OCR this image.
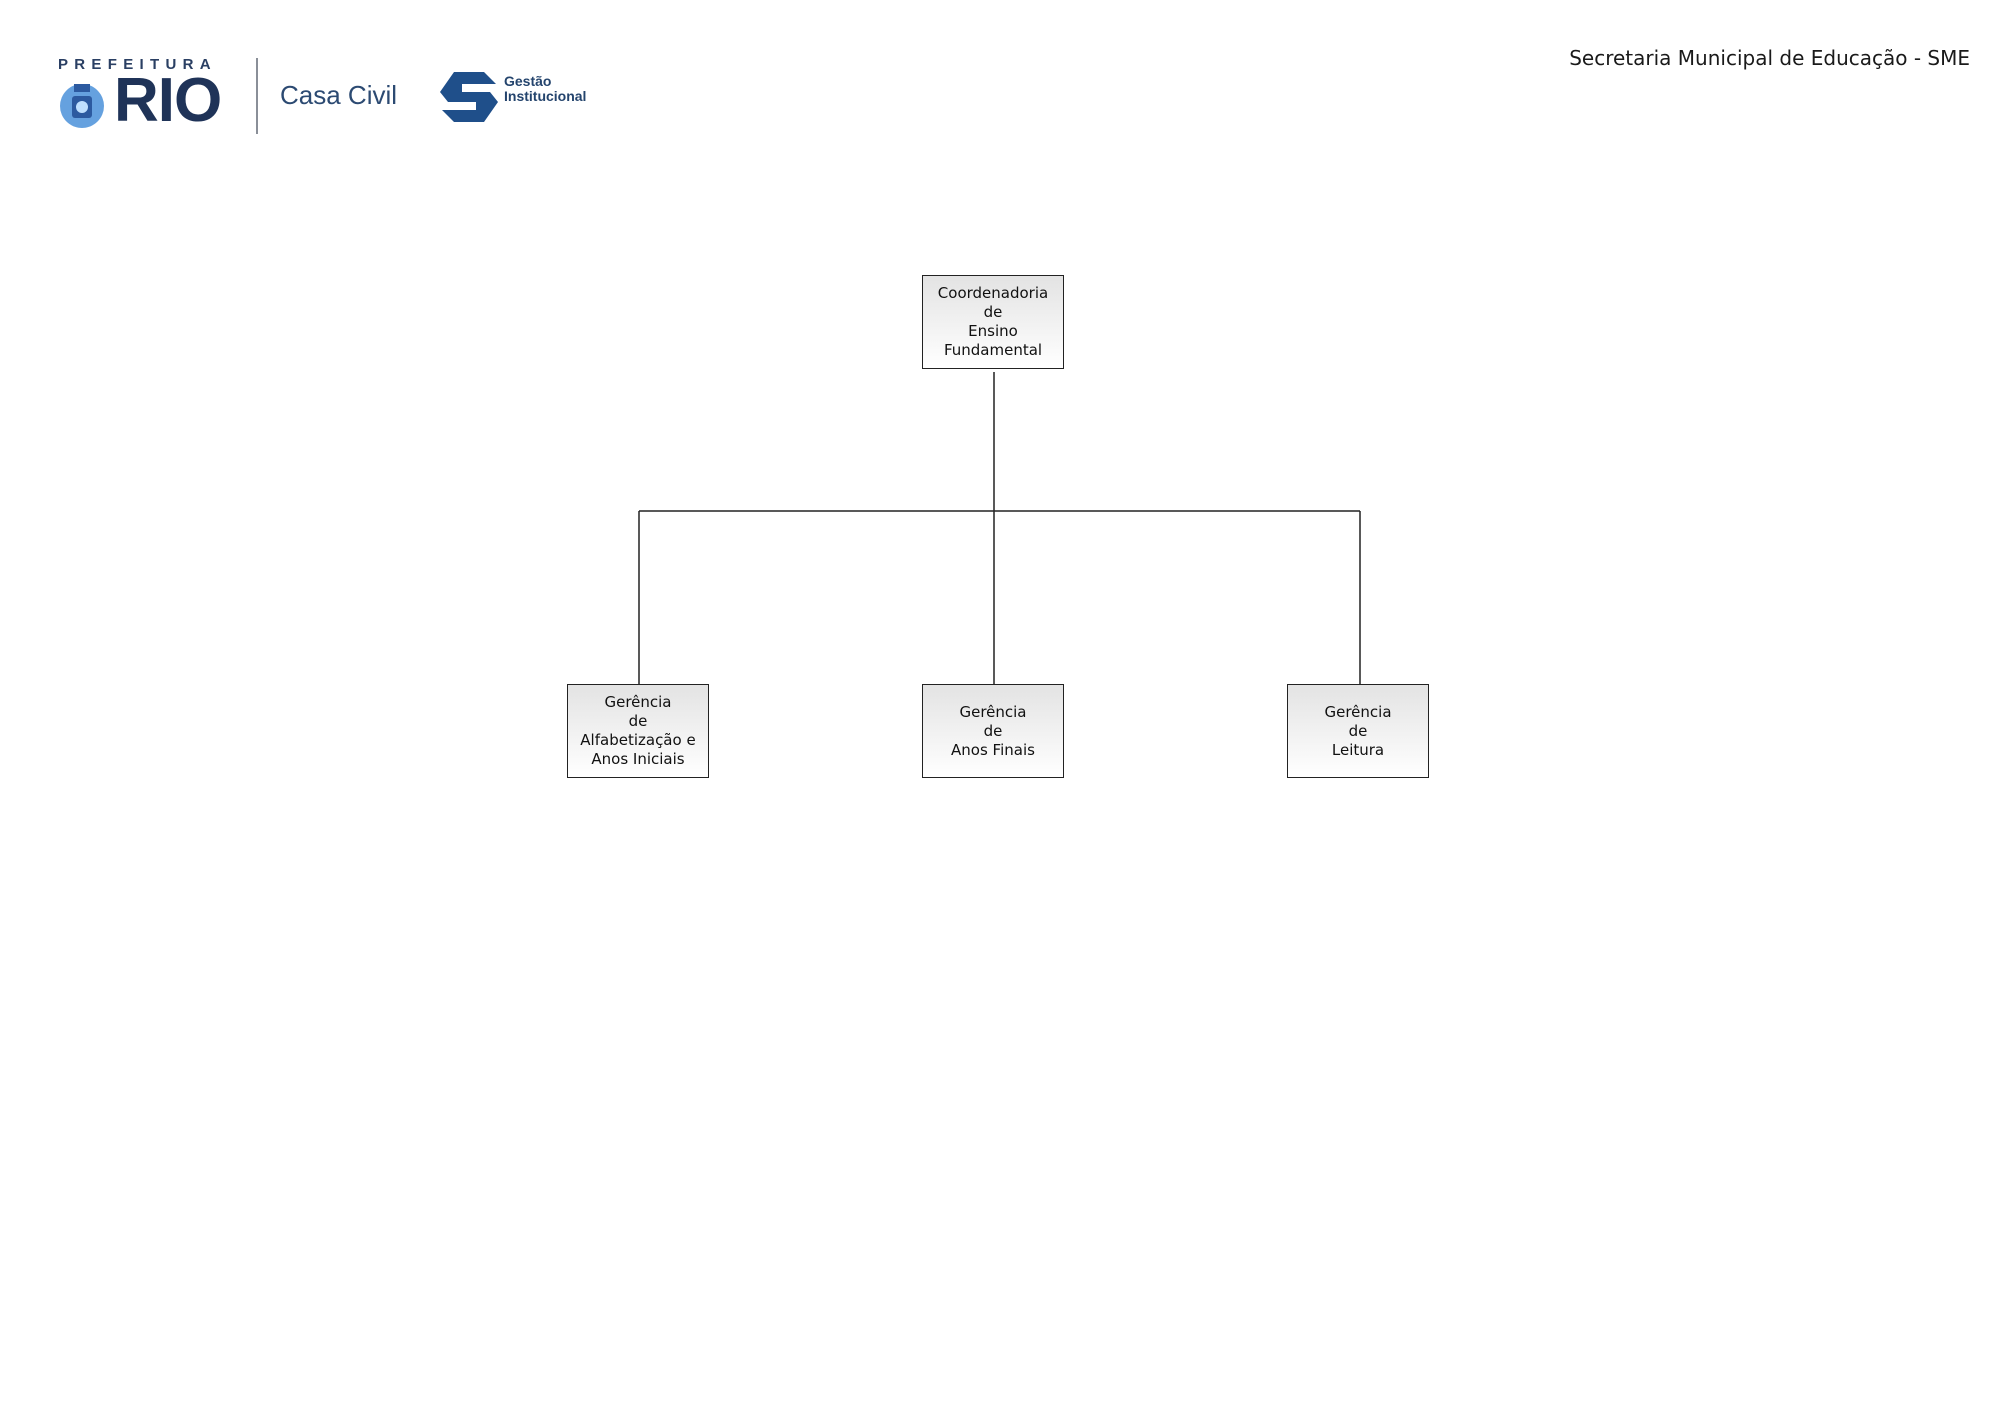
Secretaria Municipal de Educação - SME
PREFEITURA
RIO Casa Civil	Gestão
Institucional
Coordenadoria
de
Ensino
Fundamental
Gerência
de
Alfabetização e
Anos Iniciais
Gerência
de
Anos Finais
Gerência
de
Leitura
